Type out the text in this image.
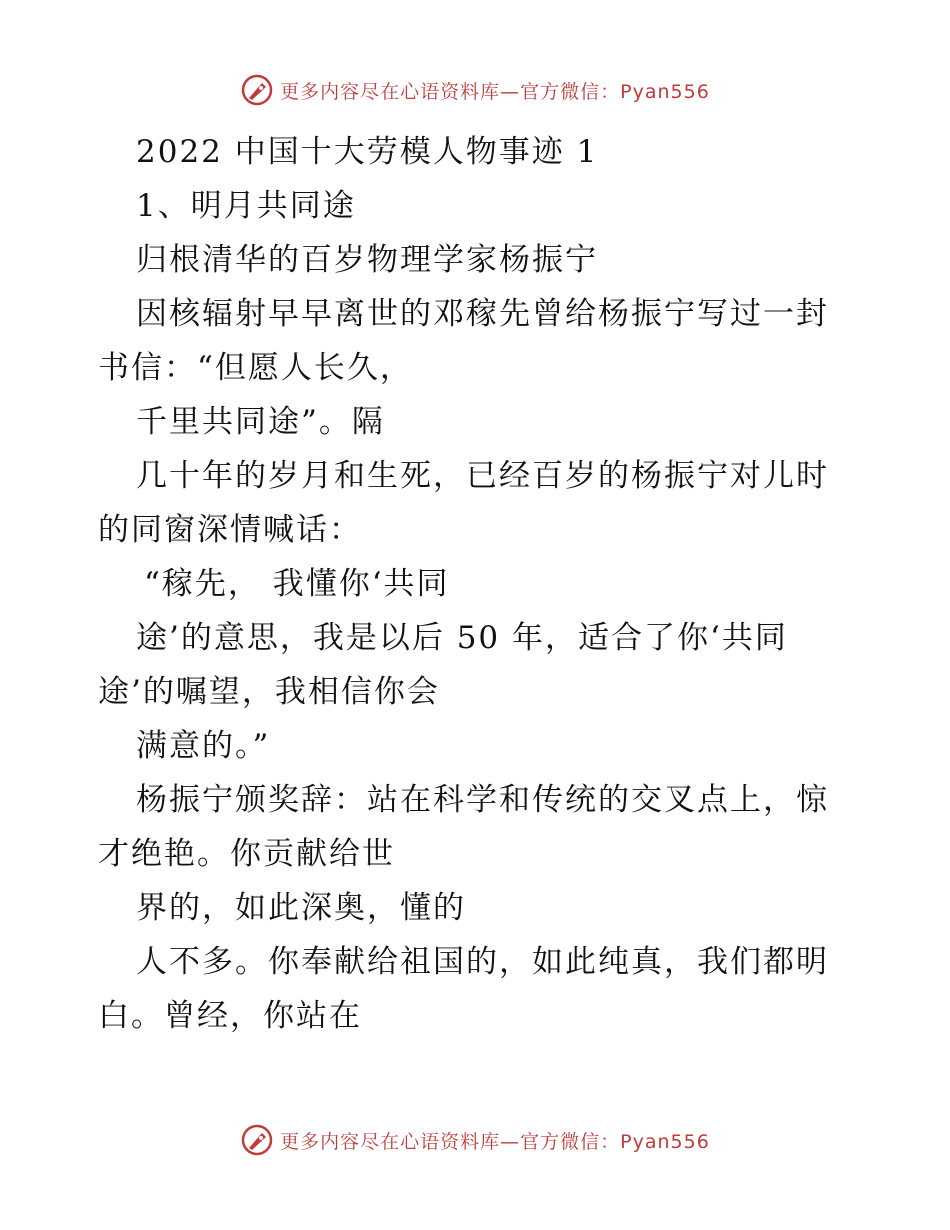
更多内容尽在心语资料库—官方微信：Pyan556
2022 中国十大劳模人物事迹 1
1、明月共同途
归根清华的百岁物理学家杨振宁
因核辐射早早离世的邓稼先曾给杨振宁写过一封
书信：“但愿人长久，
千里共同途”。隔
几十年的岁月和生死，已经百岁的杨振宁对儿时
的同窗深情喊话：
“稼先， 我懂你‘共同
途’的意思，我是以后 50 年，适合了你‘共同
途’的嘱望，我相信你会
满意的。”
杨振宁颁奖辞：站在科学和传统的交叉点上，惊
才绝艳。你贡献给世
界的，如此深奥，懂的
人不多。你奉献给祖国的，如此纯真，我们都明
白。曾经，你站在
更多内容尽在心语资料库—官方微信：Pyan556
